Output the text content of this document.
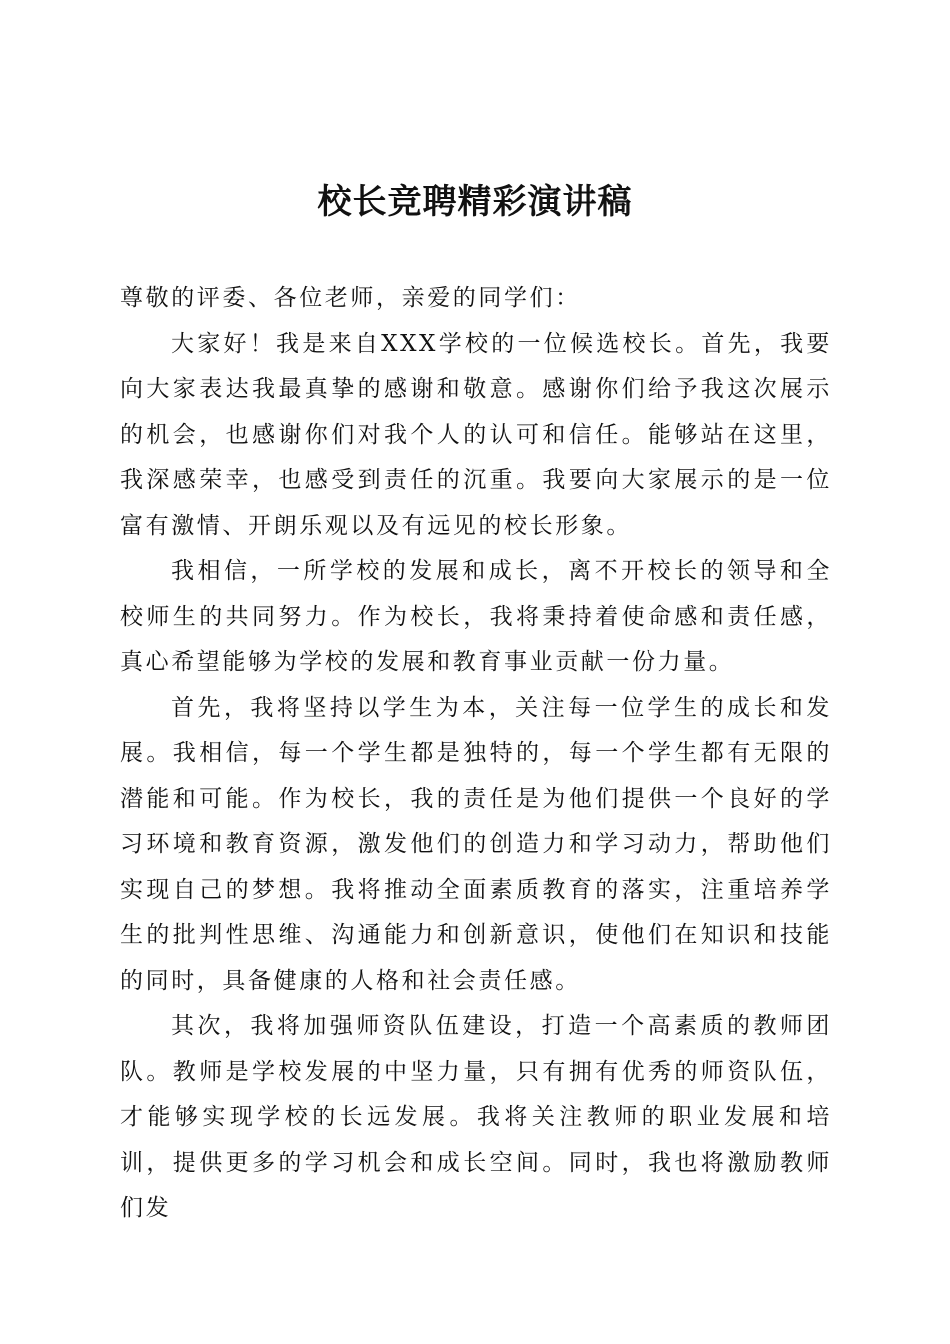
校长竞聘精彩演讲稿

尊敬的评委、各位老师，亲爱的同学们：

大家好！我是来自XXX学校的一位候选校长。首先，我要向大家表达我最真挚的感谢和敬意。感谢你们给予我这次展示的机会，也感谢你们对我个人的认可和信任。能够站在这里，我深感荣幸，也感受到责任的沉重。我要向大家展示的是一位富有激情、开朗乐观以及有远见的校长形象。

我相信，一所学校的发展和成长，离不开校长的领导和全校师生的共同努力。作为校长，我将秉持着使命感和责任感，真心希望能够为学校的发展和教育事业贡献一份力量。

首先，我将坚持以学生为本，关注每一位学生的成长和发展。我相信，每一个学生都是独特的，每一个学生都有无限的潜能和可能。作为校长，我的责任是为他们提供一个良好的学习环境和教育资源，激发他们的创造力和学习动力，帮助他们实现自己的梦想。我将推动全面素质教育的落实，注重培养学生的批判性思维、沟通能力和创新意识，使他们在知识和技能的同时，具备健康的人格和社会责任感。

其次，我将加强师资队伍建设，打造一个高素质的教师团队。教师是学校发展的中坚力量，只有拥有优秀的师资队伍，才能够实现学校的长远发展。我将关注教师的职业发展和培训，提供更多的学习机会和成长空间。同时，我也将激励教师们发
